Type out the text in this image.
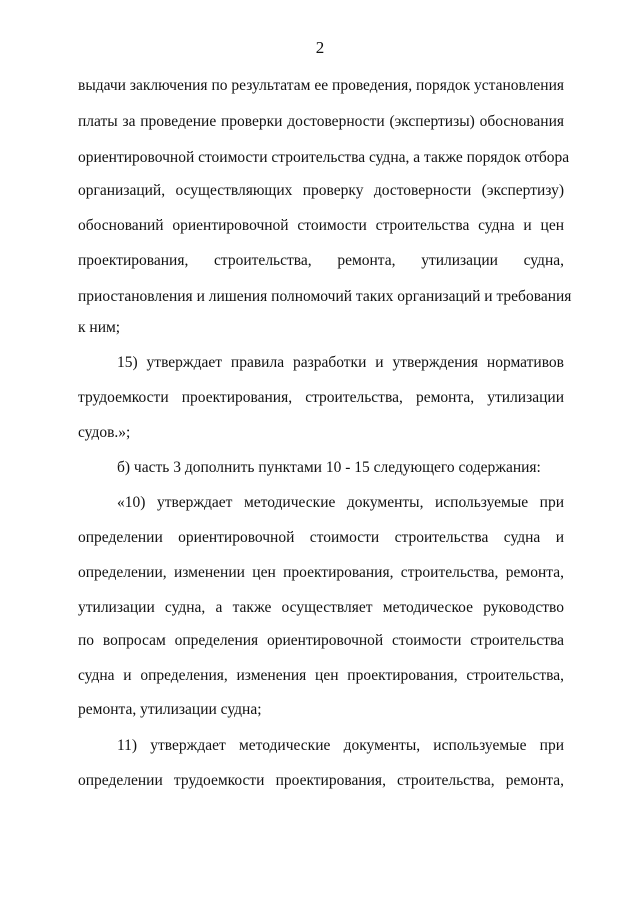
2
выдачи заключения по результатам ее проведения, порядок установления
платы за проведение проверки достоверности (экспертизы) обоснования
ориентировочной стоимости строительства судна, а также порядок отбора
организаций, осуществляющих проверку достоверности (экспертизу)
обоснований ориентировочной стоимости строительства судна и цен
проектирования, строительства, ремонта, утилизации судна,
приостановления и лишения полномочий таких организаций и требования
к ним;
15) утверждает правила разработки и утверждения нормативов
трудоемкости проектирования, строительства, ремонта, утилизации
судов.»;
б) часть 3 дополнить пунктами 10 - 15 следующего содержания:
«10) утверждает методические документы, используемые при
определении ориентировочной стоимости строительства судна и
определении, изменении цен проектирования, строительства, ремонта,
утилизации судна, а также осуществляет методическое руководство
по вопросам определения ориентировочной стоимости строительства
судна и определения, изменения цен проектирования, строительства,
ремонта, утилизации судна;
11) утверждает методические документы, используемые при
определении трудоемкости проектирования, строительства, ремонта,
